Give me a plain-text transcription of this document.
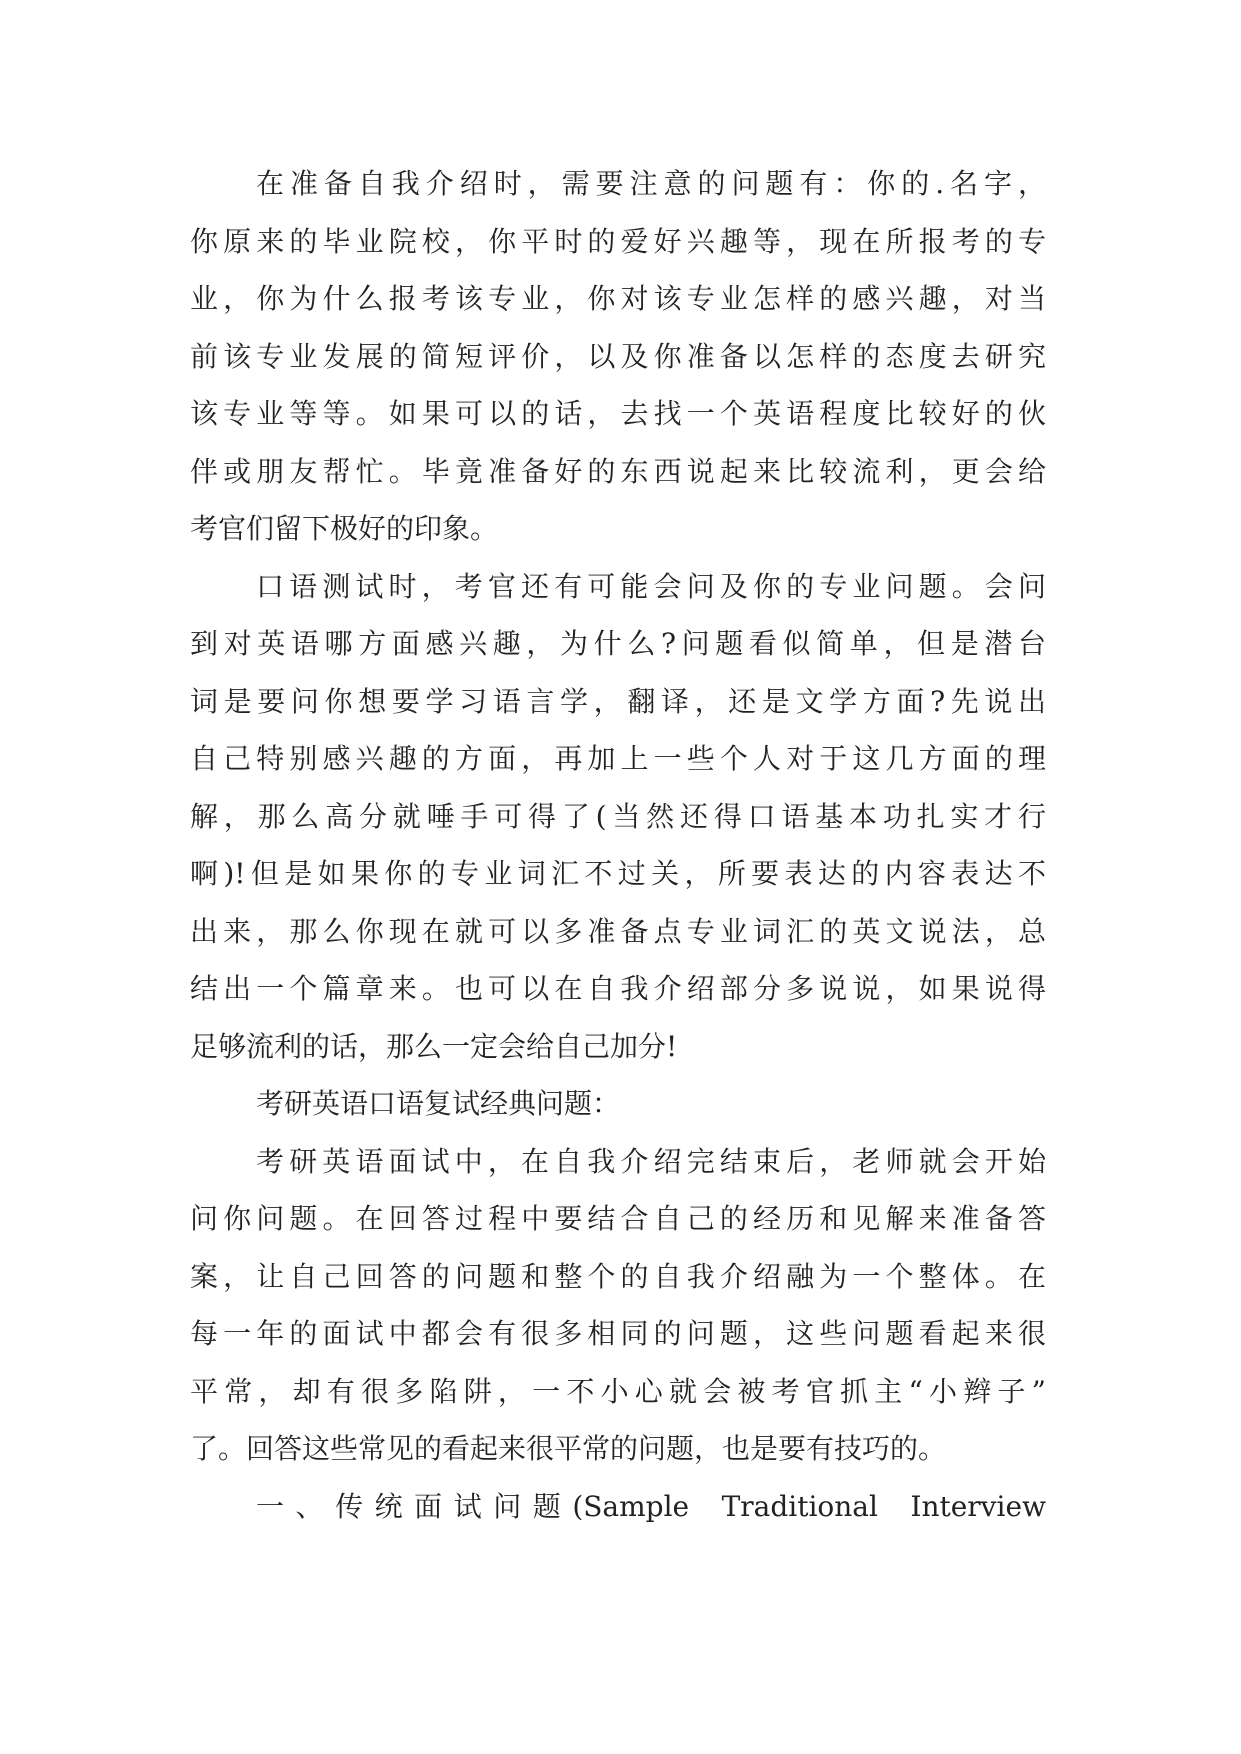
在准备自我介绍时，需要注意的问题有：你的.名字，
你原来的毕业院校，你平时的爱好兴趣等，现在所报考的专
业，你为什么报考该专业，你对该专业怎样的感兴趣，对当
前该专业发展的简短评价，以及你准备以怎样的态度去研究
该专业等等。如果可以的话，去找一个英语程度比较好的伙
伴或朋友帮忙。毕竟准备好的东西说起来比较流利，更会给
考官们留下极好的印象。
口语测试时，考官还有可能会问及你的专业问题。会问
到对英语哪方面感兴趣，为什么?问题看似简单，但是潜台
词是要问你想要学习语言学，翻译，还是文学方面?先说出
自己特别感兴趣的方面，再加上一些个人对于这几方面的理
解，那么高分就唾手可得了(当然还得口语基本功扎实才行
啊)!但是如果你的专业词汇不过关，所要表达的内容表达不
出来，那么你现在就可以多准备点专业词汇的英文说法，总
结出一个篇章来。也可以在自我介绍部分多说说，如果说得
足够流利的话，那么一定会给自己加分!
考研英语口语复试经典问题：
考研英语面试中，在自我介绍完结束后，老师就会开始
问你问题。在回答过程中要结合自己的经历和见解来准备答
案，让自己回答的问题和整个的自我介绍融为一个整体。在
每一年的面试中都会有很多相同的问题，这些问题看起来很
平常，却有很多陷阱，一不小心就会被考官抓主“小辫子”
了。回答这些常见的看起来很平常的问题，也是要有技巧的。
一、传统面试问题(Sample Traditional Interview
